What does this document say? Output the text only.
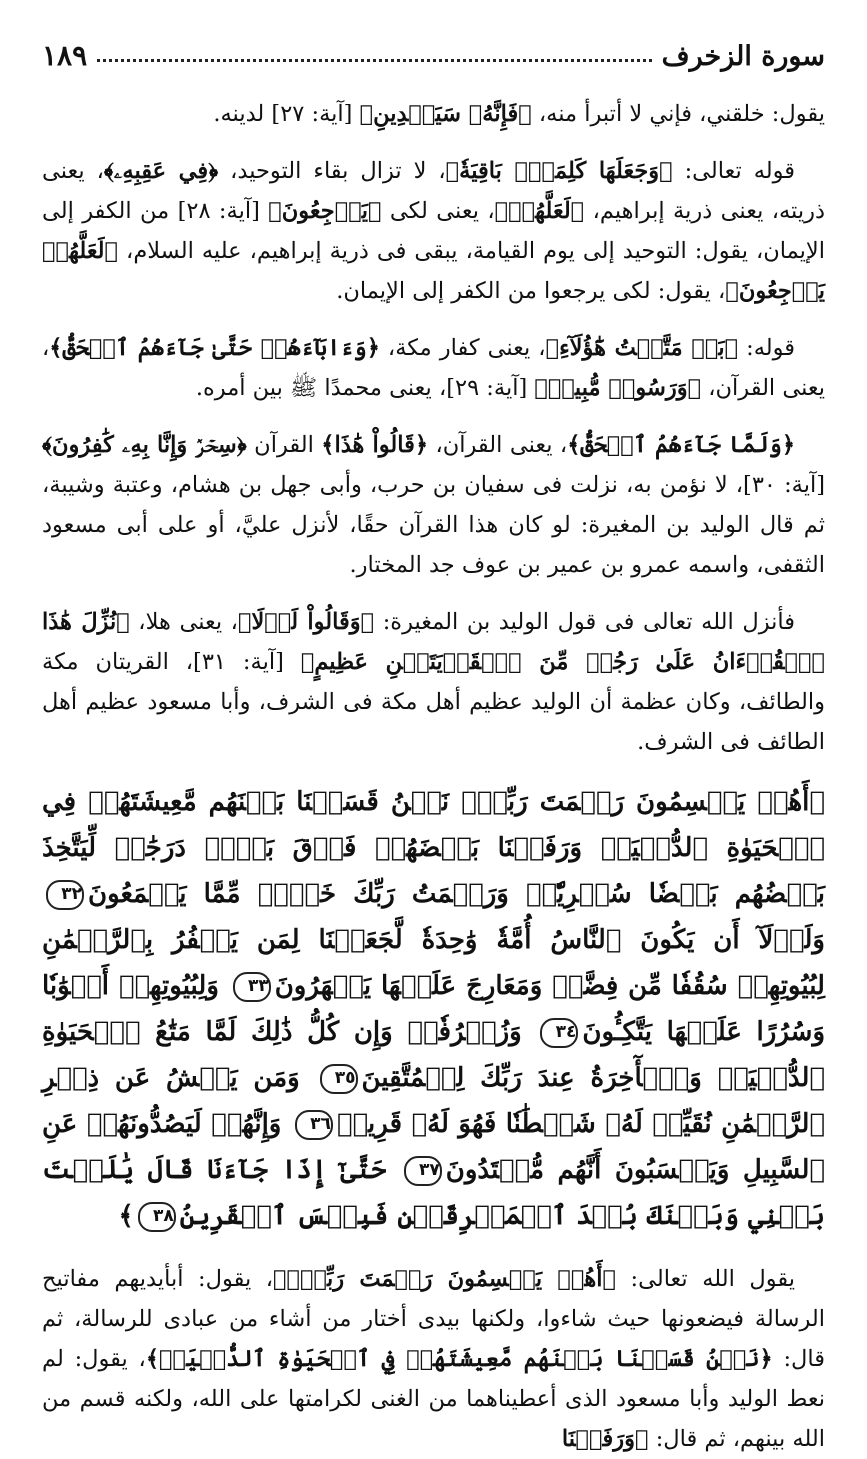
سورة الزخرف
١٨٩

يقول: خلقني، فإني لا أتبرأ منه، ﴿فَإِنَّهُۥ سَيَهۡدِينِ﴾ [آية: ٢٧] لدينه.

قوله تعالى: ﴿وَجَعَلَهَا كَلِمَةَۢ بَاقِيَةٗ﴾، لا تزال بقاء التوحيد، ﴿فِي عَقِبِهِۦ﴾، يعنى ذريته، يعنى ذرية إبراهيم، ﴿لَعَلَّهُمۡ﴾، يعنى لكى ﴿يَرۡجِعُونَ﴾ [آية: ٢٨] من الكفر إلى الإيمان، يقول: التوحيد إلى يوم القيامة، يبقى فى ذرية إبراهيم، عليه السلام، ﴿لَعَلَّهُمۡ يَرۡجِعُونَ﴾، يقول: لكى يرجعوا من الكفر إلى الإيمان.

قوله: ﴿بَلۡ مَتَّعۡتُ هَٰٓؤُلَآءِ﴾، يعنى كفار مكة، ﴿وَءَابَآءَهُمۡ حَتَّىٰ جَآءَهُمُ ٱلۡحَقُّ﴾، يعنى القرآن، ﴿وَرَسُولٞ مُّبِينٞ﴾ [آية: ٢٩]، يعنى محمدًا ﷺ بين أمره.

﴿وَلَمَّا جَآءَهُمُ ٱلۡحَقُّ﴾، يعنى القرآن، ﴿قَالُواْ هَٰذَا﴾ القرآن ﴿سِحۡرٞ وَإِنَّا بِهِۦ كَٰفِرُونَ﴾ [آية: ٣٠]، لا نؤمن به، نزلت فى سفيان بن حرب، وأبى جهل بن هشام، وعتبة وشيبة، ثم قال الوليد بن المغيرة: لو كان هذا القرآن حقًا، لأنزل عليَّ، أو على أبى مسعود الثقفى، واسمه عمرو بن عمير بن عوف جد المختار.

فأنزل الله تعالى فى قول الوليد بن المغيرة: ﴿وَقَالُواْ لَوۡلَا﴾، يعنى هلا، ﴿نُزِّلَ هَٰذَا ٱلۡقُرۡءَانُ عَلَىٰ رَجُلٖ مِّنَ ٱلۡقَرۡيَتَيۡنِ عَظِيمٍ﴾ [آية: ٣١]، القريتان مكة والطائف، وكان عظمة أن الوليد عظيم أهل مكة فى الشرف، وأبا مسعود عظيم أهل الطائف فى الشرف.

﴿أَهُمۡ يَقۡسِمُونَ رَحۡمَتَ رَبِّكَۚ نَحۡنُ قَسَمۡنَا بَيۡنَهُم مَّعِيشَتَهُمۡ فِي ٱلۡحَيَوٰةِ ٱلدُّنۡيَاۚ وَرَفَعۡنَا بَعۡضَهُمۡ فَوۡقَ بَعۡضٖ دَرَجَٰتٖ لِّيَتَّخِذَ بَعۡضُهُم بَعۡضٗا سُخۡرِيّٗاۗ وَرَحۡمَتُ رَبِّكَ خَيۡرٞ مِّمَّا يَجۡمَعُونَ٣٢ وَلَوۡلَآ أَن يَكُونَ ٱلنَّاسُ أُمَّةٗ وَٰحِدَةٗ لَّجَعَلۡنَا لِمَن يَكۡفُرُ بِٱلرَّحۡمَٰنِ لِبُيُوتِهِمۡ سُقُفٗا مِّن فِضَّةٖ وَمَعَارِجَ عَلَيۡهَا يَظۡهَرُونَ٣٣ وَلِبُيُوتِهِمۡ أَبۡوَٰبٗا وَسُرُرًا عَلَيۡهَا يَتَّكِـُٔونَ٣٤ وَزُخۡرُفٗاۚ وَإِن كُلُّ ذَٰلِكَ لَمَّا مَتَٰعُ ٱلۡحَيَوٰةِ ٱلدُّنۡيَاۚ وَٱلۡأٓخِرَةُ عِندَ رَبِّكَ لِلۡمُتَّقِينَ٣٥ وَمَن يَعۡشُ عَن ذِكۡرِ ٱلرَّحۡمَٰنِ نُقَيِّضۡ لَهُۥ شَيۡطَٰنٗا فَهُوَ لَهُۥ قَرِينٞ٣٦ وَإِنَّهُمۡ لَيَصُدُّونَهُمۡ عَنِ ٱلسَّبِيلِ وَيَحۡسَبُونَ أَنَّهُم مُّهۡتَدُونَ٣٧ حَتَّىٰٓ إِذَا جَآءَنَا قَالَ يَٰلَيۡتَ بَيۡنِي وَبَيۡنَكَ بُعۡدَ ٱلۡمَشۡرِقَيۡنِ فَبِئۡسَ ٱلۡقَرِينُ٣٨﴾

يقول الله تعالى: ﴿أَهُمۡ يَقۡسِمُونَ رَحۡمَتَ رَبِّكَۚ﴾، يقول: أبأيديهم مفاتيح الرسالة فيضعونها حيث شاءوا، ولكنها بيدى أختار من أشاء من عبادى للرسالة، ثم قال: ﴿نَحۡنُ قَسَمۡنَا بَيۡنَهُم مَّعِيشَتَهُمۡ فِي ٱلۡحَيَوٰةِ ٱلدُّنۡيَاۚ﴾، يقول: لم نعط الوليد وأبا مسعود الذى أعطيناهما من الغنى لكرامتها على الله، ولكنه قسم من الله بينهم، ثم قال: ﴿وَرَفَعۡنَا
